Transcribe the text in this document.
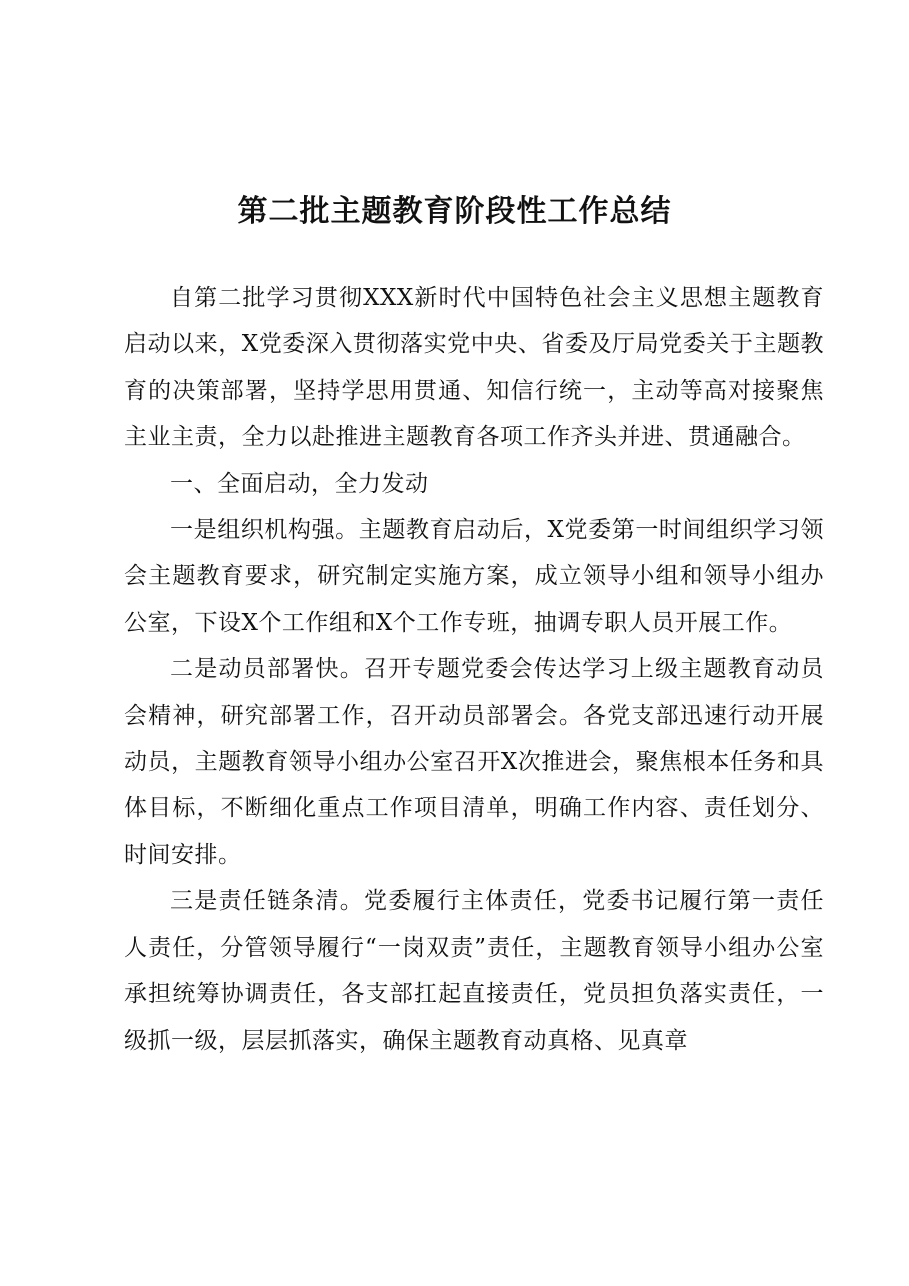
第二批主题教育阶段性工作总结

自第二批学习贯彻XXX新时代中国特色社会主义思想主题教育启动以来，X党委深入贯彻落实党中央、省委及厅局党委关于主题教育的决策部署，坚持学思用贯通、知信行统一，主动等高对接聚焦主业主责，全力以赴推进主题教育各项工作齐头并进、贯通融合。

一、全面启动，全力发动

一是组织机构强。主题教育启动后，X党委第一时间组织学习领会主题教育要求，研究制定实施方案，成立领导小组和领导小组办公室，下设X个工作组和X个工作专班，抽调专职人员开展工作。

二是动员部署快。召开专题党委会传达学习上级主题教育动员会精神，研究部署工作，召开动员部署会。各党支部迅速行动开展动员，主题教育领导小组办公室召开X次推进会，聚焦根本任务和具体目标，不断细化重点工作项目清单，明确工作内容、责任划分、时间安排。

三是责任链条清。党委履行主体责任，党委书记履行第一责任人责任，分管领导履行“一岗双责”责任，主题教育领导小组办公室承担统筹协调责任，各支部扛起直接责任，党员担负落实责任，一级抓一级，层层抓落实，确保主题教育动真格、见真章
